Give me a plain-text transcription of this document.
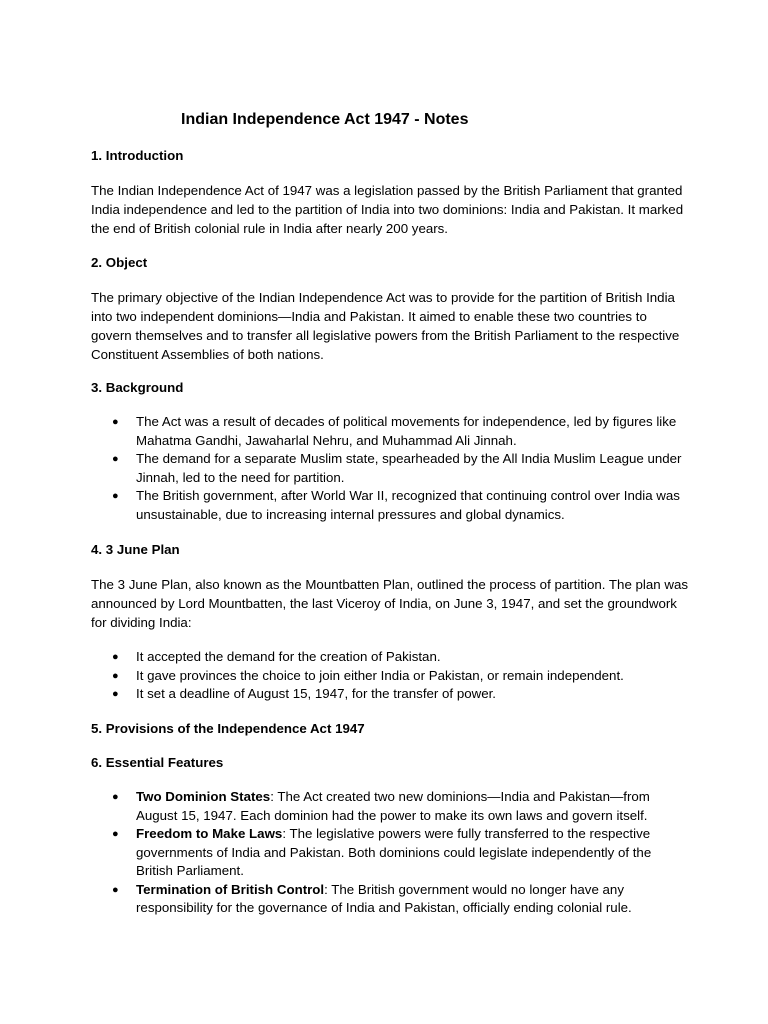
Indian Independence Act 1947 - Notes
1. Introduction

The Indian Independence Act of 1947 was a legislation passed by the British Parliament that granted India independence and led to the partition of India into two dominions: India and Pakistan. It marked the end of British colonial rule in India after nearly 200 years.

2. Object

The primary objective of the Indian Independence Act was to provide for the partition of British India into two independent dominions—India and Pakistan. It aimed to enable these two countries to govern themselves and to transfer all legislative powers from the British Parliament to the respective Constituent Assemblies of both nations.

3. Background
● The Act was a result of decades of political movements for independence, led by figures like Mahatma Gandhi, Jawaharlal Nehru, and Muhammad Ali Jinnah.
● The demand for a separate Muslim state, spearheaded by the All India Muslim League under Jinnah, led to the need for partition.
● The British government, after World War II, recognized that continuing control over India was unsustainable, due to increasing internal pressures and global dynamics.
4. 3 June Plan

The 3 June Plan, also known as the Mountbatten Plan, outlined the process of partition. The plan was announced by Lord Mountbatten, the last Viceroy of India, on June 3, 1947, and set the groundwork for dividing India:

● It accepted the demand for the creation of Pakistan.
● It gave provinces the choice to join either India or Pakistan, or remain independent.
● It set a deadline of August 15, 1947, for the transfer of power.
5. Provisions of the Independence Act 1947
6. Essential Features
● Two Dominion States: The Act created two new dominions—India and Pakistan—from August 15, 1947. Each dominion had the power to make its own laws and govern itself.
● Freedom to Make Laws: The legislative powers were fully transferred to the respective governments of India and Pakistan. Both dominions could legislate independently of the British Parliament.
● Termination of British Control: The British government would no longer have any responsibility for the governance of India and Pakistan, officially ending colonial rule.
